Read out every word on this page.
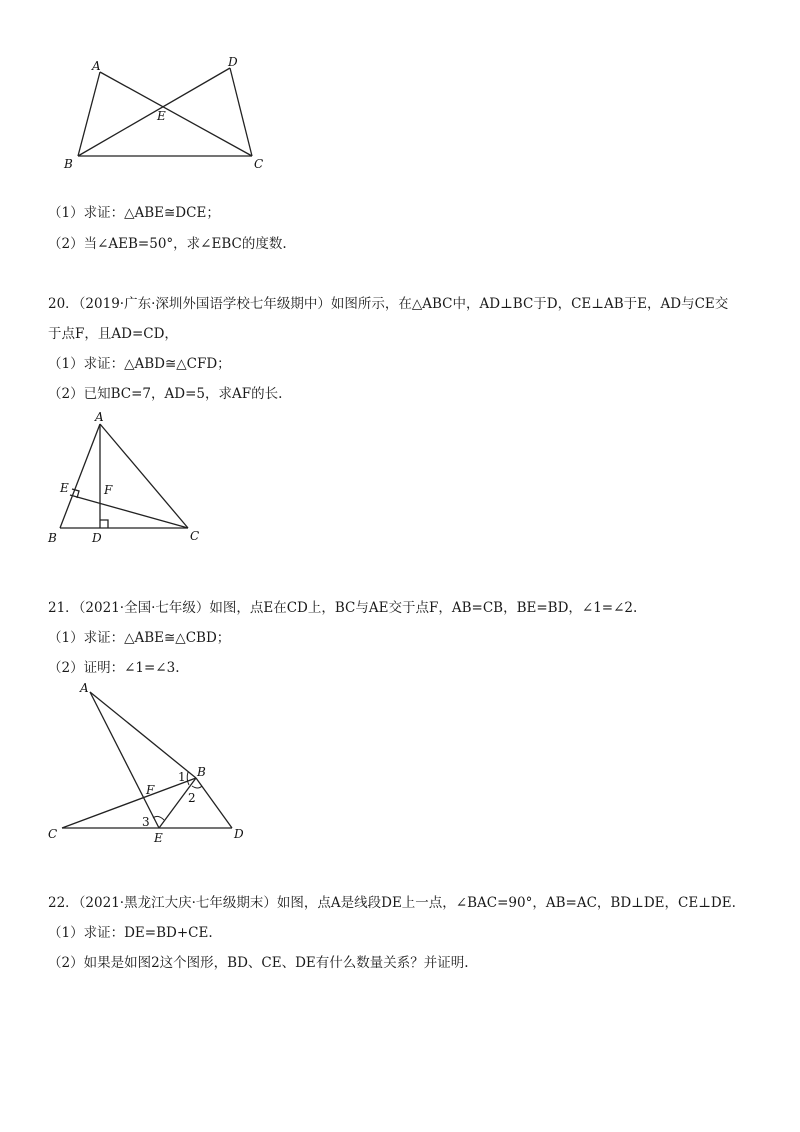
A
B	C
D
E
（1）求证：△ABE≅DCE；
（2）当∠AEB=50°，求∠EBC的度数.
20．（2019·广东·深圳外国语学校七年级期中）如图所示，在△ABC中，AD⊥BC于D，CE⊥AB于E，AD与CE交
于点F，且AD=CD，
（1）求证：△ABD≅△CFD；
（2）已知BC=7，AD=5，求AF的长.
A
B	C
D
E	F
21．（2021·全国·七年级）如图，点E在CD上，BC与AE交于点F，AB=CB，BE=BD，∠1=∠2.
（1）求证：△ABE≅△CBD；
（2）证明：∠1=∠3.
A
B
C	D
E
F
1
2
3
22．（2021·黑龙江大庆·七年级期末）如图，点A是线段DE上一点，∠BAC=90°，AB=AC，BD⊥DE，CE⊥DE.
（1）求证：DE=BD+CE.
（2）如果是如图2这个图形，BD、CE、DE有什么数量关系？并证明.
